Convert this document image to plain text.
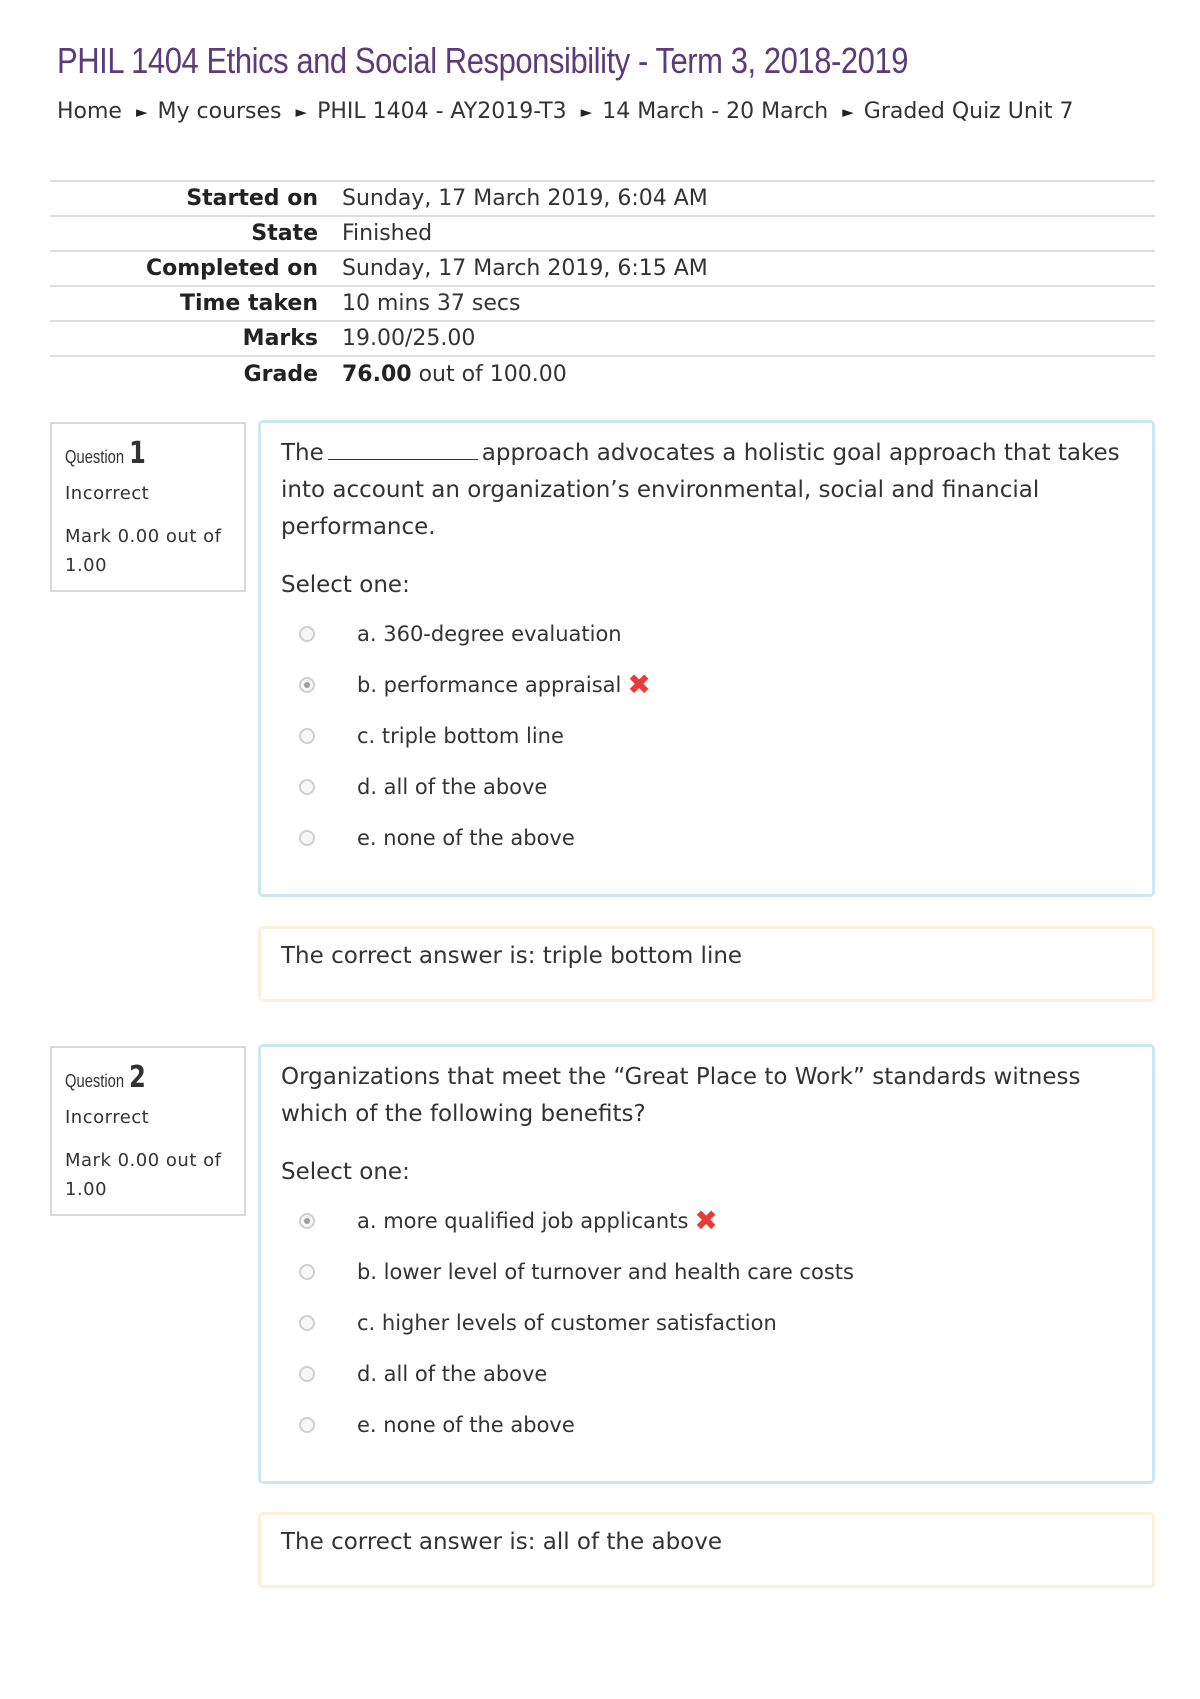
PHIL 1404 Ethics and Social Responsibility - Term 3, 2018-2019
Home ► My courses ► PHIL 1404 - AY2019-T3 ► 14 March - 20 March ► Graded Quiz Unit 7
Started on	Sunday, 17 March 2019, 6:04 AM
State	Finished
Completed on	Sunday, 17 March 2019, 6:15 AM
Time taken	10 mins 37 secs
Marks	19.00/25.00
Grade	76.00 out of 100.00
Question 1
Incorrect
Mark 0.00 out of 1.00
The	approach advocates a holistic goal approach that takes into account an organization’s environmental, social and financial performance.
Select one:
a. 360-degree evaluation
b. performance appraisal ✖
c. triple bottom line
d. all of the above
e. none of the above
The correct answer is: triple bottom line
Question 2
Incorrect
Mark 0.00 out of 1.00
Organizations that meet the “Great Place to Work” standards witness which of the following benefits?
Select one:
a. more qualified job applicants ✖
b. lower level of turnover and health care costs
c. higher levels of customer satisfaction
d. all of the above
e. none of the above
The correct answer is: all of the above
